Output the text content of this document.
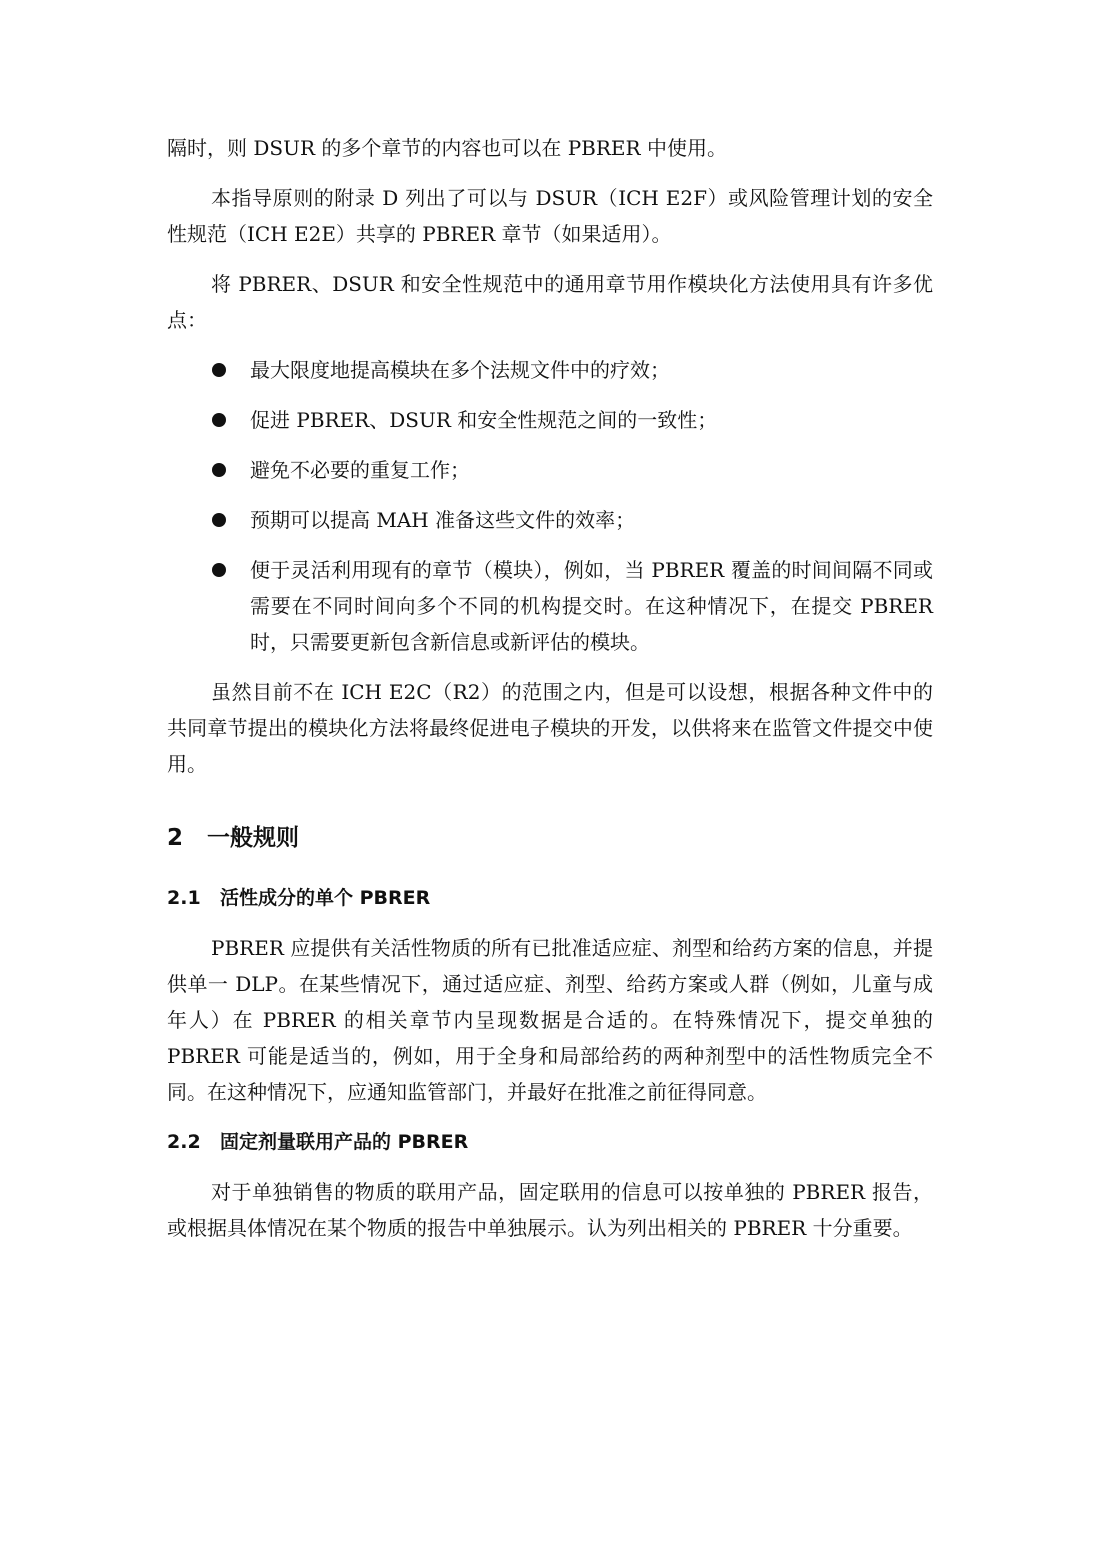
隔时，则 DSUR 的多个章节的内容也可以在 PBRER 中使用。

本指导原则的附录 D 列出了可以与 DSUR（ICH E2F）或风险管理计划的安全性规范（ICH E2E）共享的 PBRER 章节（如果适用）。

将 PBRER、DSUR 和安全性规范中的通用章节用作模块化方法使用具有许多优点：

最大限度地提高模块在多个法规文件中的疗效；
促进 PBRER、DSUR 和安全性规范之间的一致性；
避免不必要的重复工作；
预期可以提高 MAH 准备这些文件的效率；
便于灵活利用现有的章节（模块），例如，当 PBRER 覆盖的时间间隔不同或需要在不同时间向多个不同的机构提交时。在这种情况下，在提交 PBRER 时，只需要更新包含新信息或新评估的模块。

虽然目前不在 ICH E2C（R2）的范围之内，但是可以设想，根据各种文件中的共同章节提出的模块化方法将最终促进电子模块的开发，以供将来在监管文件提交中使用。

2 一般规则
2.1 活性成分的单个 PBRER

PBRER 应提供有关活性物质的所有已批准适应症、剂型和给药方案的信息，并提供单一 DLP。在某些情况下，通过适应症、剂型、给药方案或人群（例如，儿童与成年人）在 PBRER 的相关章节内呈现数据是合适的。在特殊情况下，提交单独的 PBRER 可能是适当的，例如，用于全身和局部给药的两种剂型中的活性物质完全不同。在这种情况下，应通知监管部门，并最好在批准之前征得同意。

2.2 固定剂量联用产品的 PBRER

对于单独销售的物质的联用产品，固定联用的信息可以按单独的 PBRER 报告，或根据具体情况在某个物质的报告中单独展示。认为列出相关的 PBRER 十分重要。
